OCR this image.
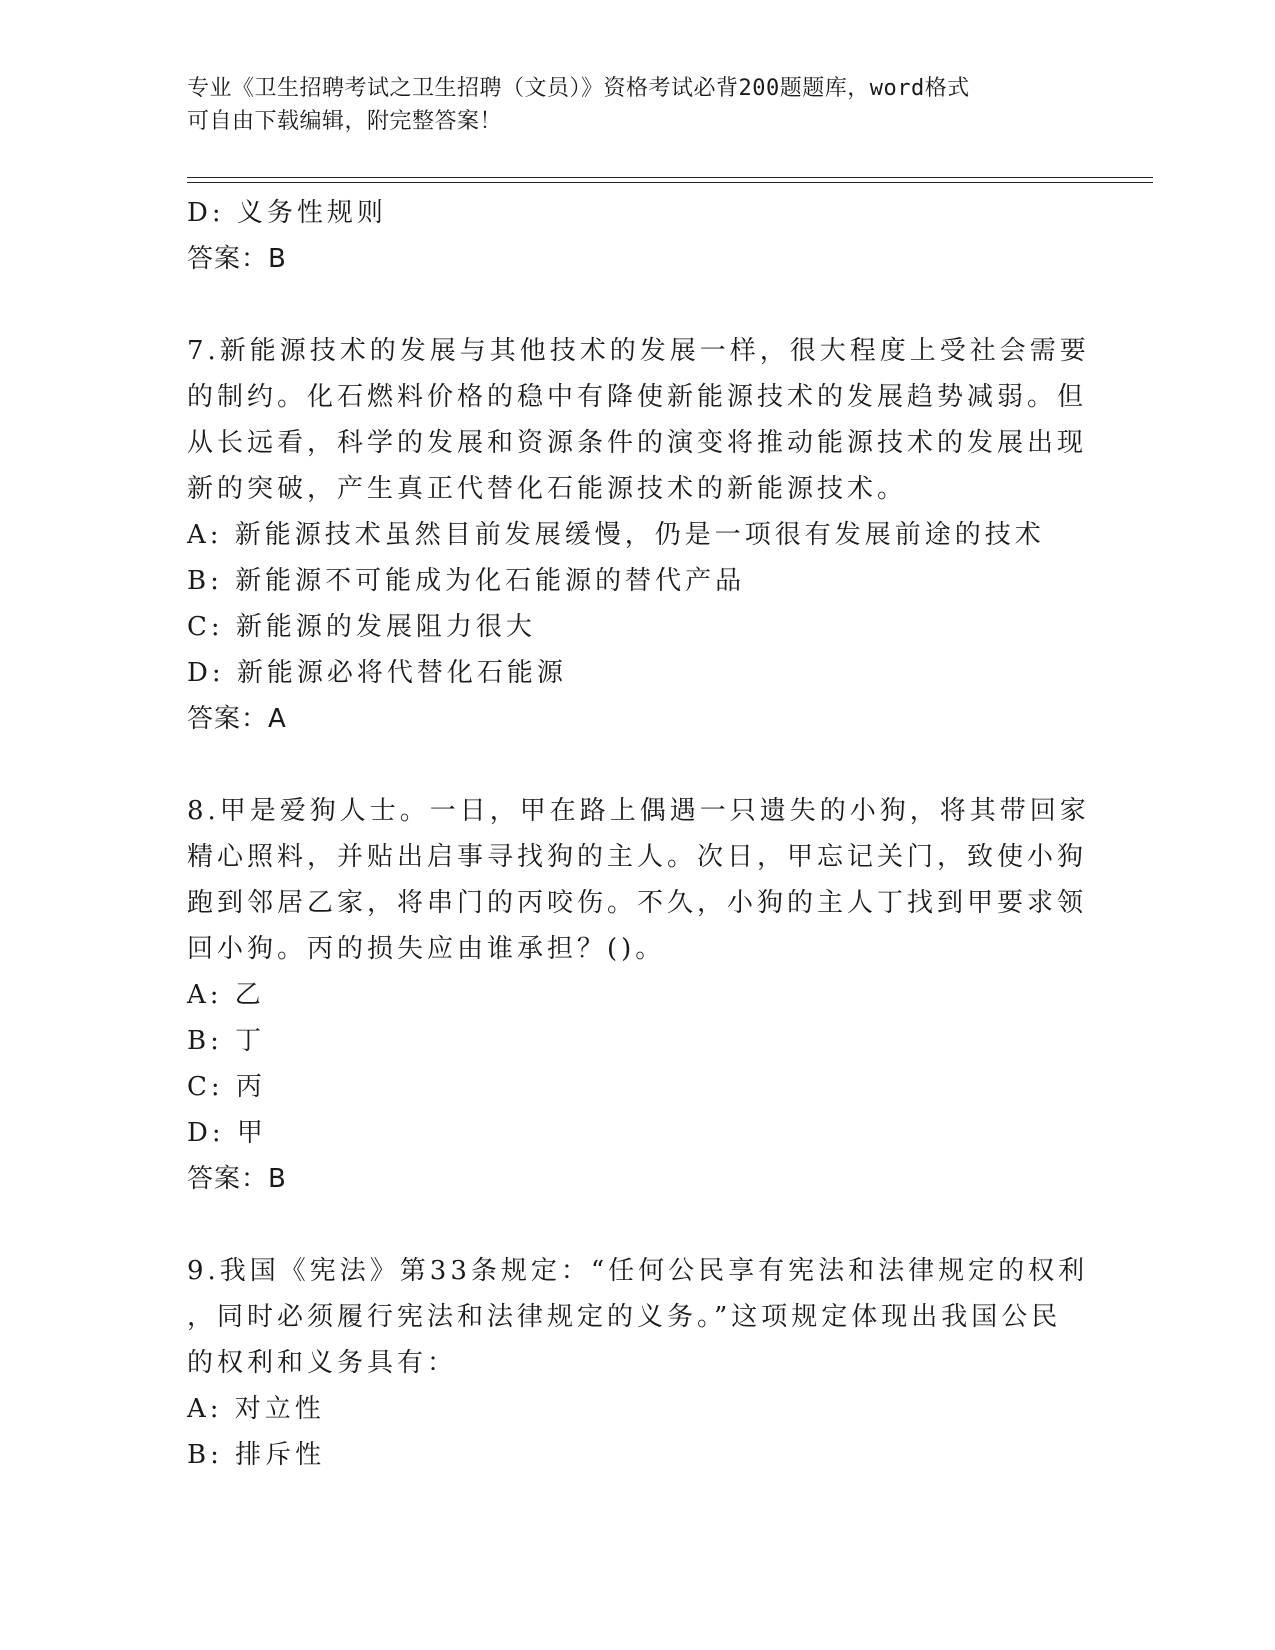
专业《卫生招聘考试之卫生招聘（文员）》资格考试必背200题题库，word格式
可自由下载编辑，附完整答案！
D: 义务性规则
答案：B
7.新能源技术的发展与其他技术的发展一样，很大程度上受社会需要
的制约。化石燃料价格的稳中有降使新能源技术的发展趋势减弱。但
从长远看，科学的发展和资源条件的演变将推动能源技术的发展出现
新的突破，产生真正代替化石能源技术的新能源技术。
A: 新能源技术虽然目前发展缓慢，仍是一项很有发展前途的技术
B: 新能源不可能成为化石能源的替代产品
C: 新能源的发展阻力很大
D: 新能源必将代替化石能源
答案：A
8.甲是爱狗人士。一日，甲在路上偶遇一只遗失的小狗，将其带回家
精心照料，并贴出启事寻找狗的主人。次日，甲忘记关门，致使小狗
跑到邻居乙家，将串门的丙咬伤。不久，小狗的主人丁找到甲要求领
回小狗。丙的损失应由谁承担？()。
A: 乙
B: 丁
C: 丙
D: 甲
答案：B
9.我国《宪法》第33条规定：“任何公民享有宪法和法律规定的权利
，同时必须履行宪法和法律规定的义务。”这项规定体现出我国公民
的权利和义务具有：
A: 对立性
B: 排斥性
